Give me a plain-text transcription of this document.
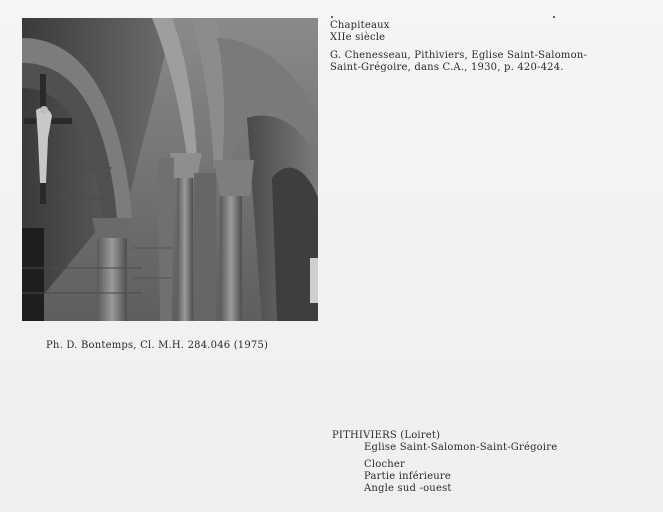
Chapiteaux
XIIe siècle
G. Chenesseau, Pithiviers, Eglise Saint-Salomon-
Saint-Grégoire, dans C.A., 1930, p. 420-424.
Ph. D. Bontemps, Cl. M.H. 284.046 (1975)
PITHIVIERS (Loiret)
Eglise Saint-Salomon-Saint-Grégoire
Clocher
Partie inférieure
Angle sud -ouest
